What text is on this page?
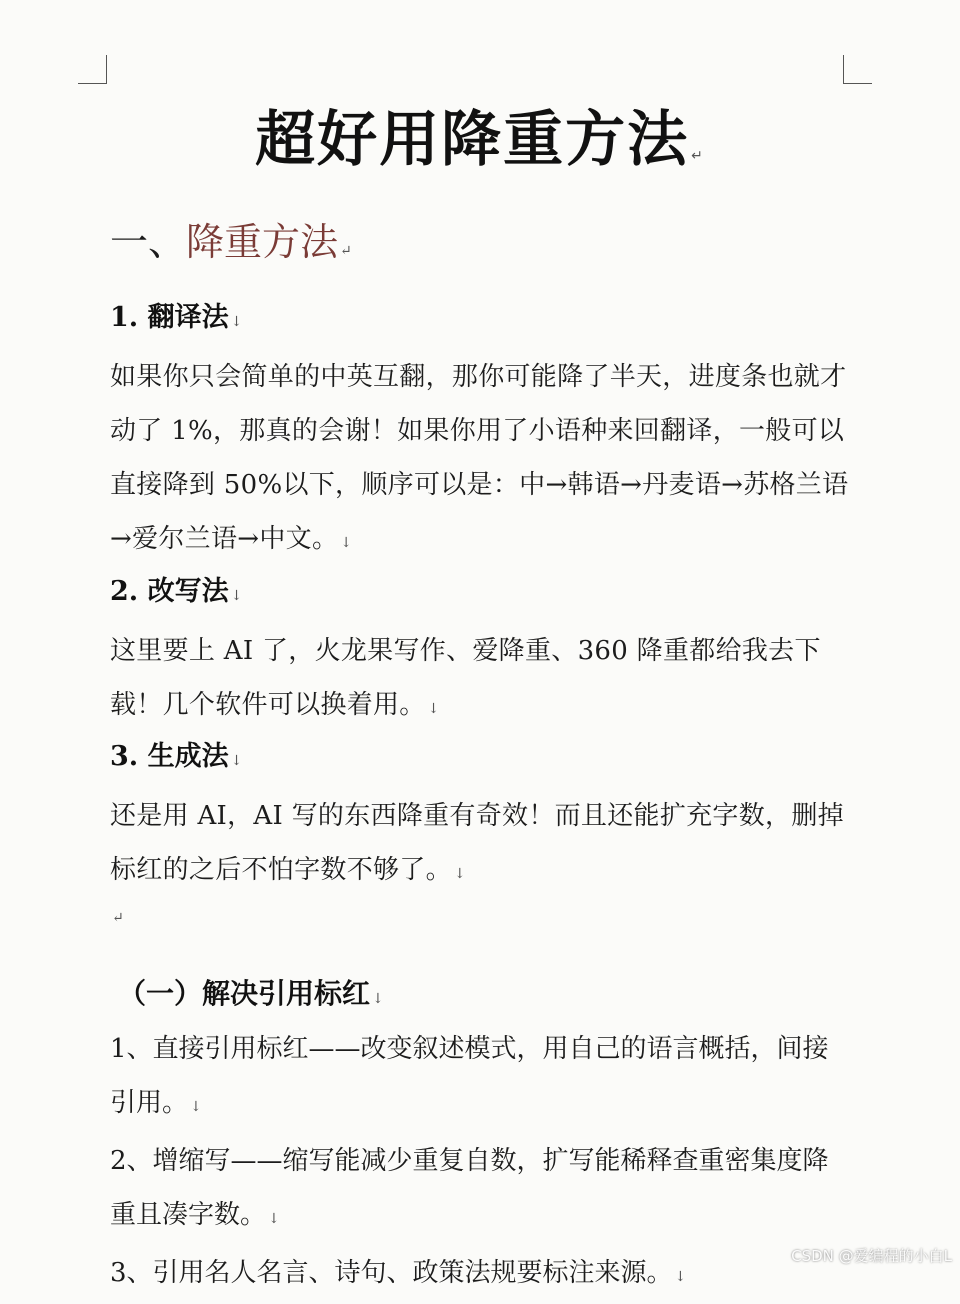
超好用降重方法 ↵
一、降重方法 ↵
1. 翻译法 ↓
如果你只会简单的中英互翻，那你可能降了半天，进度条也就才动了 1%，那真的会谢！如果你用了小语种来回翻译，一般可以直接降到 50%以下，顺序可以是：中→韩语→丹麦语→苏格兰语→爱尔兰语→中文。 ↓
2. 改写法 ↓
这里要上 AI 了，火龙果写作、爱降重、360 降重都给我去下载！几个软件可以换着用。 ↓
3. 生成法 ↓
还是用 AI，AI 写的东西降重有奇效！而且还能扩充字数，删掉标红的之后不怕字数不够了。 ↓
↵
（一）解决引用标红 ↓
1、直接引用标红——改变叙述模式，用自己的语言概括，间接引用。 ↓
2、增缩写——缩写能减少重复自数，扩写能稀释查重密集度降重且凑字数。 ↓
3、引用名人名言、诗句、政策法规要标注来源。 ↓
CSDN @爱编程的小白L
